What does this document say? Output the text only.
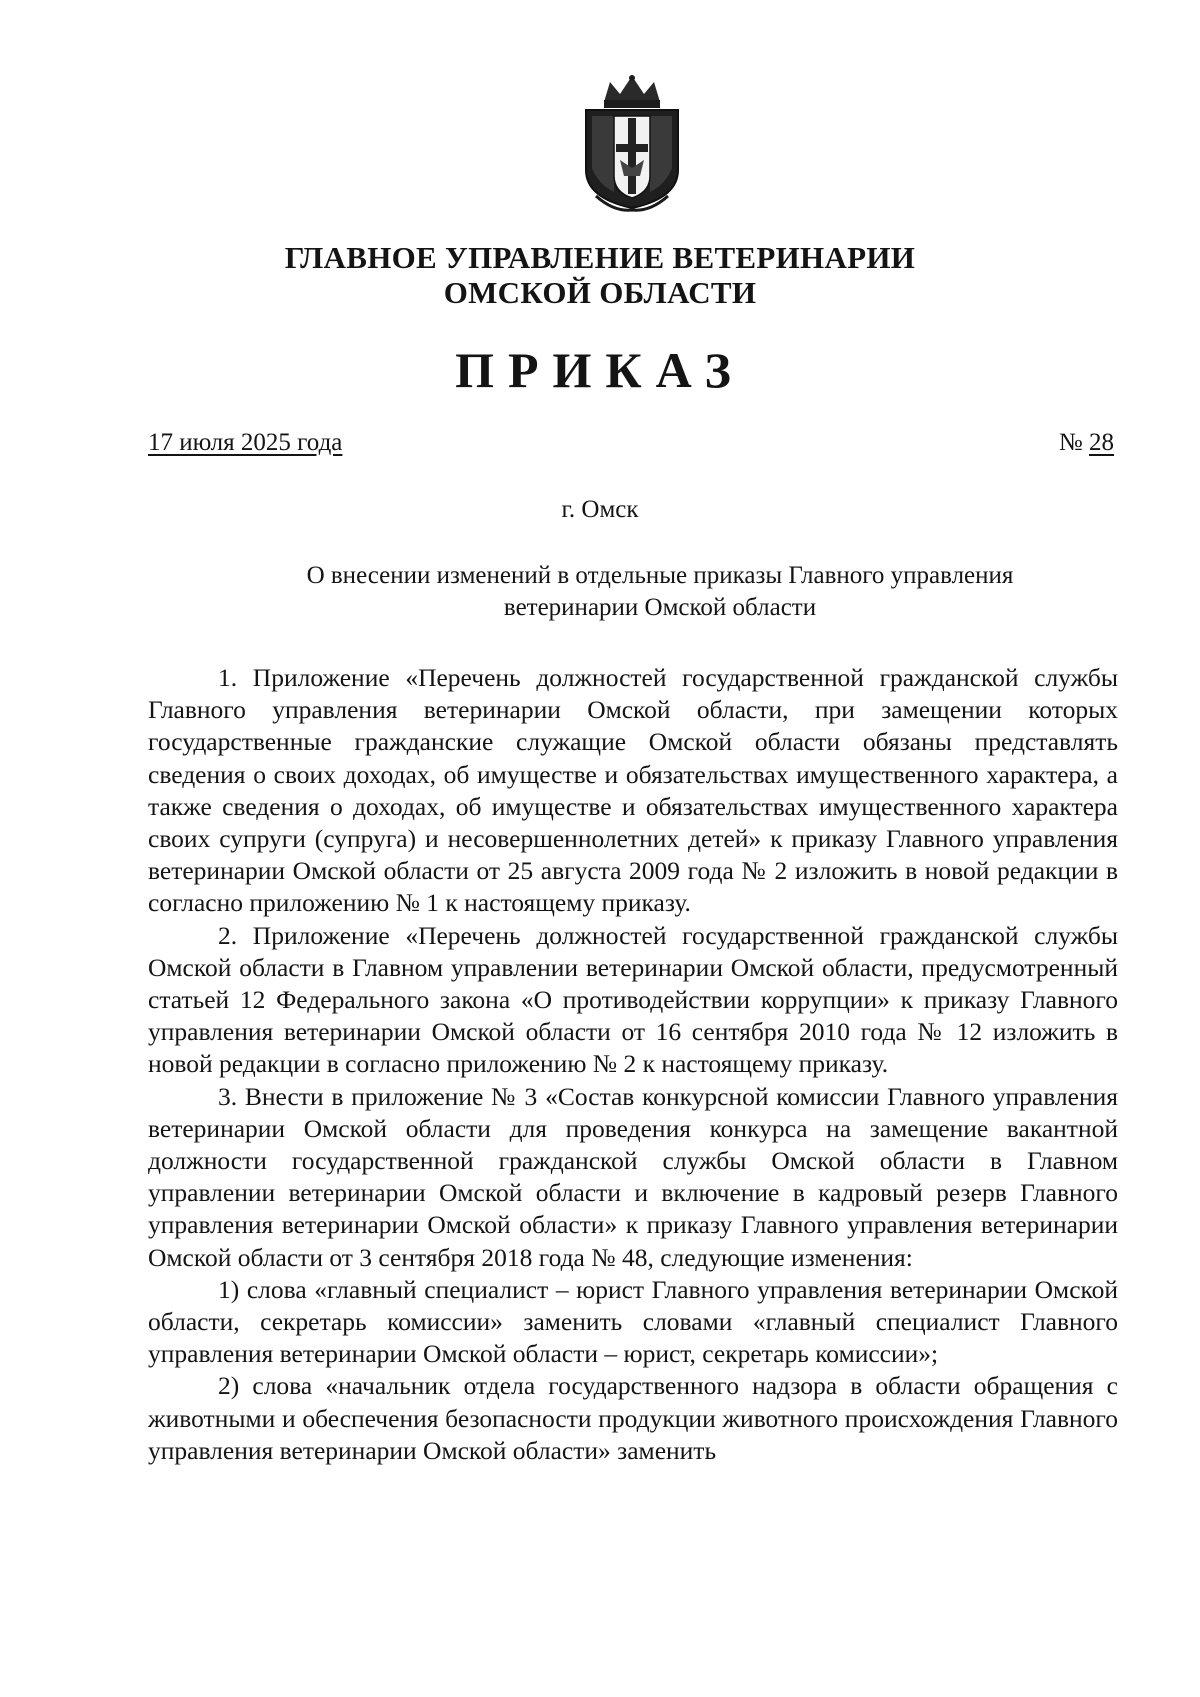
ГЛАВНОЕ УПРАВЛЕНИЕ ВЕТЕРИНАРИИ
ОМСКОЙ ОБЛАСТИ
ПРИКАЗ
17 июля 2025 года	№ 28
г. Омск
О внесении изменений в отдельные приказы Главного управления
ветеринарии Омской области

1. Приложение «Перечень должностей государственной гражданской службы Главного управления ветеринарии Омской области, при замещении которых государственные гражданские служащие Омской области обязаны представлять сведения о своих доходах, об имуществе и обязательствах имущественного характера, а также сведения о доходах, об имуществе и обязательствах имущественного характера своих супруги (супруга) и несовершеннолетних детей» к приказу Главного управления ветеринарии Омской области от 25 августа 2009 года № 2 изложить в новой редакции в согласно приложению № 1 к настоящему приказу.

2. Приложение «Перечень должностей государственной гражданской службы Омской области в Главном управлении ветеринарии Омской области, предусмотренный статьей 12 Федерального закона «О противодействии коррупции» к приказу Главного управления ветеринарии Омской области от 16 сентября 2010 года № 12 изложить в новой редакции в согласно приложению № 2 к настоящему приказу.

3. Внести в приложение № 3 «Состав конкурсной комиссии Главного управления ветеринарии Омской области для проведения конкурса на замещение вакантной должности государственной гражданской службы Омской области в Главном управлении ветеринарии Омской области и включение в кадровый резерв Главного управления ветеринарии Омской области» к приказу Главного управления ветеринарии Омской области от 3 сентября 2018 года № 48, следующие изменения:

1) слова «главный специалист – юрист Главного управления ветеринарии Омской области, секретарь комиссии» заменить словами «главный специалист Главного управления ветеринарии Омской области – юрист, секретарь комиссии»;

2) слова «начальник отдела государственного надзора в области обращения с животными и обеспечения безопасности продукции животного происхождения Главного управления ветеринарии Омской области» заменить
